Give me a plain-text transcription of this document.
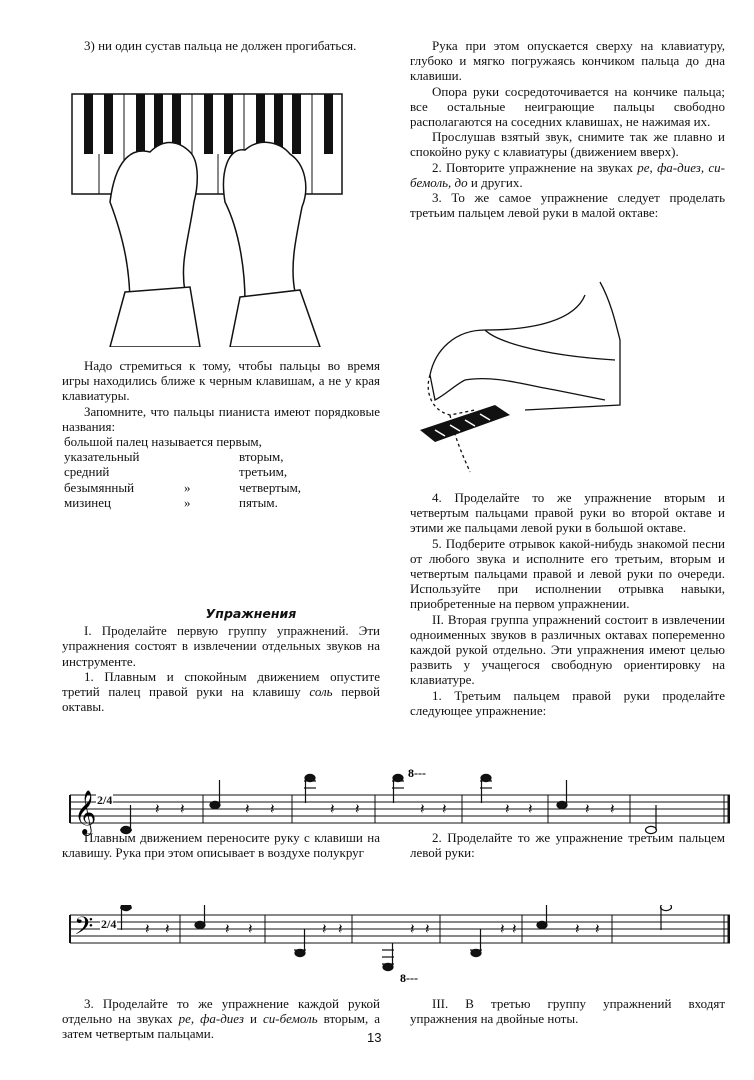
3) ни один сустав пальца не должен прогибаться.

Надо стремиться к тому, чтобы пальцы во время игры находились ближе к черным клавишам, а не у края клавиатуры.

Запомните, что пальцы пианиста имеют порядковые названия:

большой палец называется первым,		
указательный		вторым,
средний		третьим,
безымянный	»	четвертым,
мизинец	»	пятым.
Упражнения

I. Проделайте первую группу упражнений. Эти упражнения состоят в извлечении отдельных звуков на инструменте.

1. Плавным и спокойным движением опустите третий палец правой руки на клавишу соль первой октавы.

Рука при этом опускается сверху на клавиатуру, глубоко и мягко погружаясь кончиком пальца до дна клавиши.

Опора руки сосредоточивается на кончике пальца; все остальные неиграющие пальцы свободно располагаются на соседних клавишах, не нажимая их.

Прослушав взятый звук, снимите так же плавно и спокойно руку с клавиатуры (движением вверх).

2. Повторите упражнение на звуках ре, фа-диез, си-бемоль, до и других.

3. То же самое упражнение следует проделать третьим пальцем левой руки в малой октаве:

4. Проделайте то же упражнение вторым и четвертым пальцами правой руки во второй октаве и этими же пальцами левой руки в большой октаве.

5. Подберите отрывок какой-нибудь знакомой песни от любого звука и исполните его третьим, вторым и четвертым пальцами правой и левой руки по очереди. Используйте при исполнении отрывка навыки, приобретенные на первом упражнении.

II. Вторая группа упражнений состоит в извлечении одноименных звуков в различных октавах попеременно каждой рукой отдельно. Эти упражнения имеют целью развить у учащегося свободную ориентировку на клавиатуре.

1. Третьим пальцем правой руки проделайте следующее упражнение:

𝄞	𝄽 𝄽	𝄽 𝄽	𝄽 𝄽	𝄽 𝄽	𝄽 𝄽	𝄽 𝄽
8---
2/4

Плавным движением переносите руку с клавиши на клавишу. Рука при этом описывает в воздухе полукруг

2. Проделайте то же упражнение третьим пальцем левой руки:

𝄢	𝄽 𝄽	𝄽 𝄽	𝄽 𝄽	𝄽 𝄽	𝄽 𝄽	𝄽 𝄽
8---
2/4

3. Проделайте то же упражнение каждой рукой отдельно на звуках ре, фа-диез и си-бемоль вторым, а затем четвертым пальцами.

III. В третью группу упражнений входят упражнения на двойные ноты.

13
